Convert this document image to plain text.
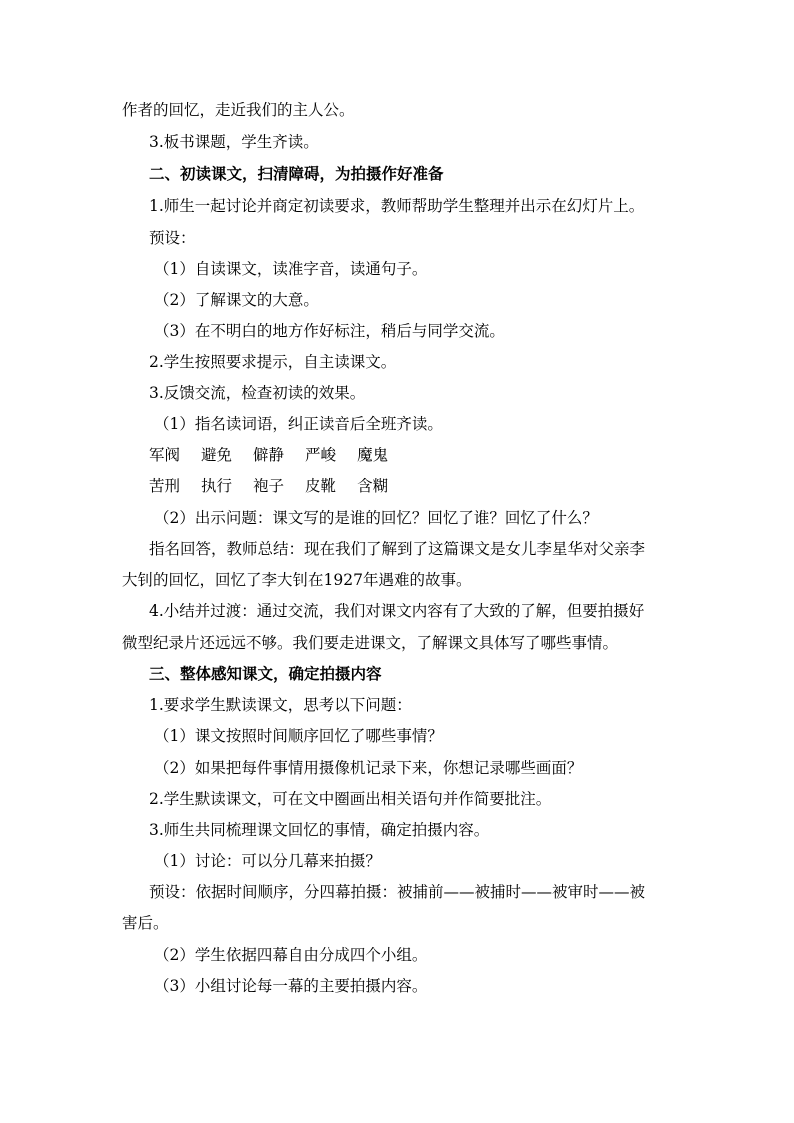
作者的回忆，走近我们的主人公。
3.板书课题，学生齐读。
二、初读课文，扫清障碍，为拍摄作好准备
1.师生一起讨论并商定初读要求，教师帮助学生整理并出示在幻灯片上。
预设：
（1）自读课文，读准字音，读通句子。
（2）了解课文的大意。
（3）在不明白的地方作好标注，稍后与同学交流。
2.学生按照要求提示，自主读课文。
3.反馈交流，检查初读的效果。
（1）指名读词语，纠正读音后全班齐读。
军阀 避免 僻静 严峻 魔鬼
苦刑 执行 袍子 皮靴 含糊
（2）出示问题：课文写的是谁的回忆？回忆了谁？回忆了什么？
指名回答，教师总结：现在我们了解到了这篇课文是女儿李星华对父亲李
大钊的回忆，回忆了李大钊在1927年遇难的故事。
4.小结并过渡：通过交流，我们对课文内容有了大致的了解，但要拍摄好
微型纪录片还远远不够。我们要走进课文，了解课文具体写了哪些事情。
三、整体感知课文，确定拍摄内容
1.要求学生默读课文，思考以下问题：
（1）课文按照时间顺序回忆了哪些事情？
（2）如果把每件事情用摄像机记录下来，你想记录哪些画面？
2.学生默读课文，可在文中圈画出相关语句并作简要批注。
3.师生共同梳理课文回忆的事情，确定拍摄内容。
（1）讨论：可以分几幕来拍摄？
预设：依据时间顺序，分四幕拍摄：被捕前——被捕时——被审时——被
害后。
（2）学生依据四幕自由分成四个小组。
（3）小组讨论每一幕的主要拍摄内容。
